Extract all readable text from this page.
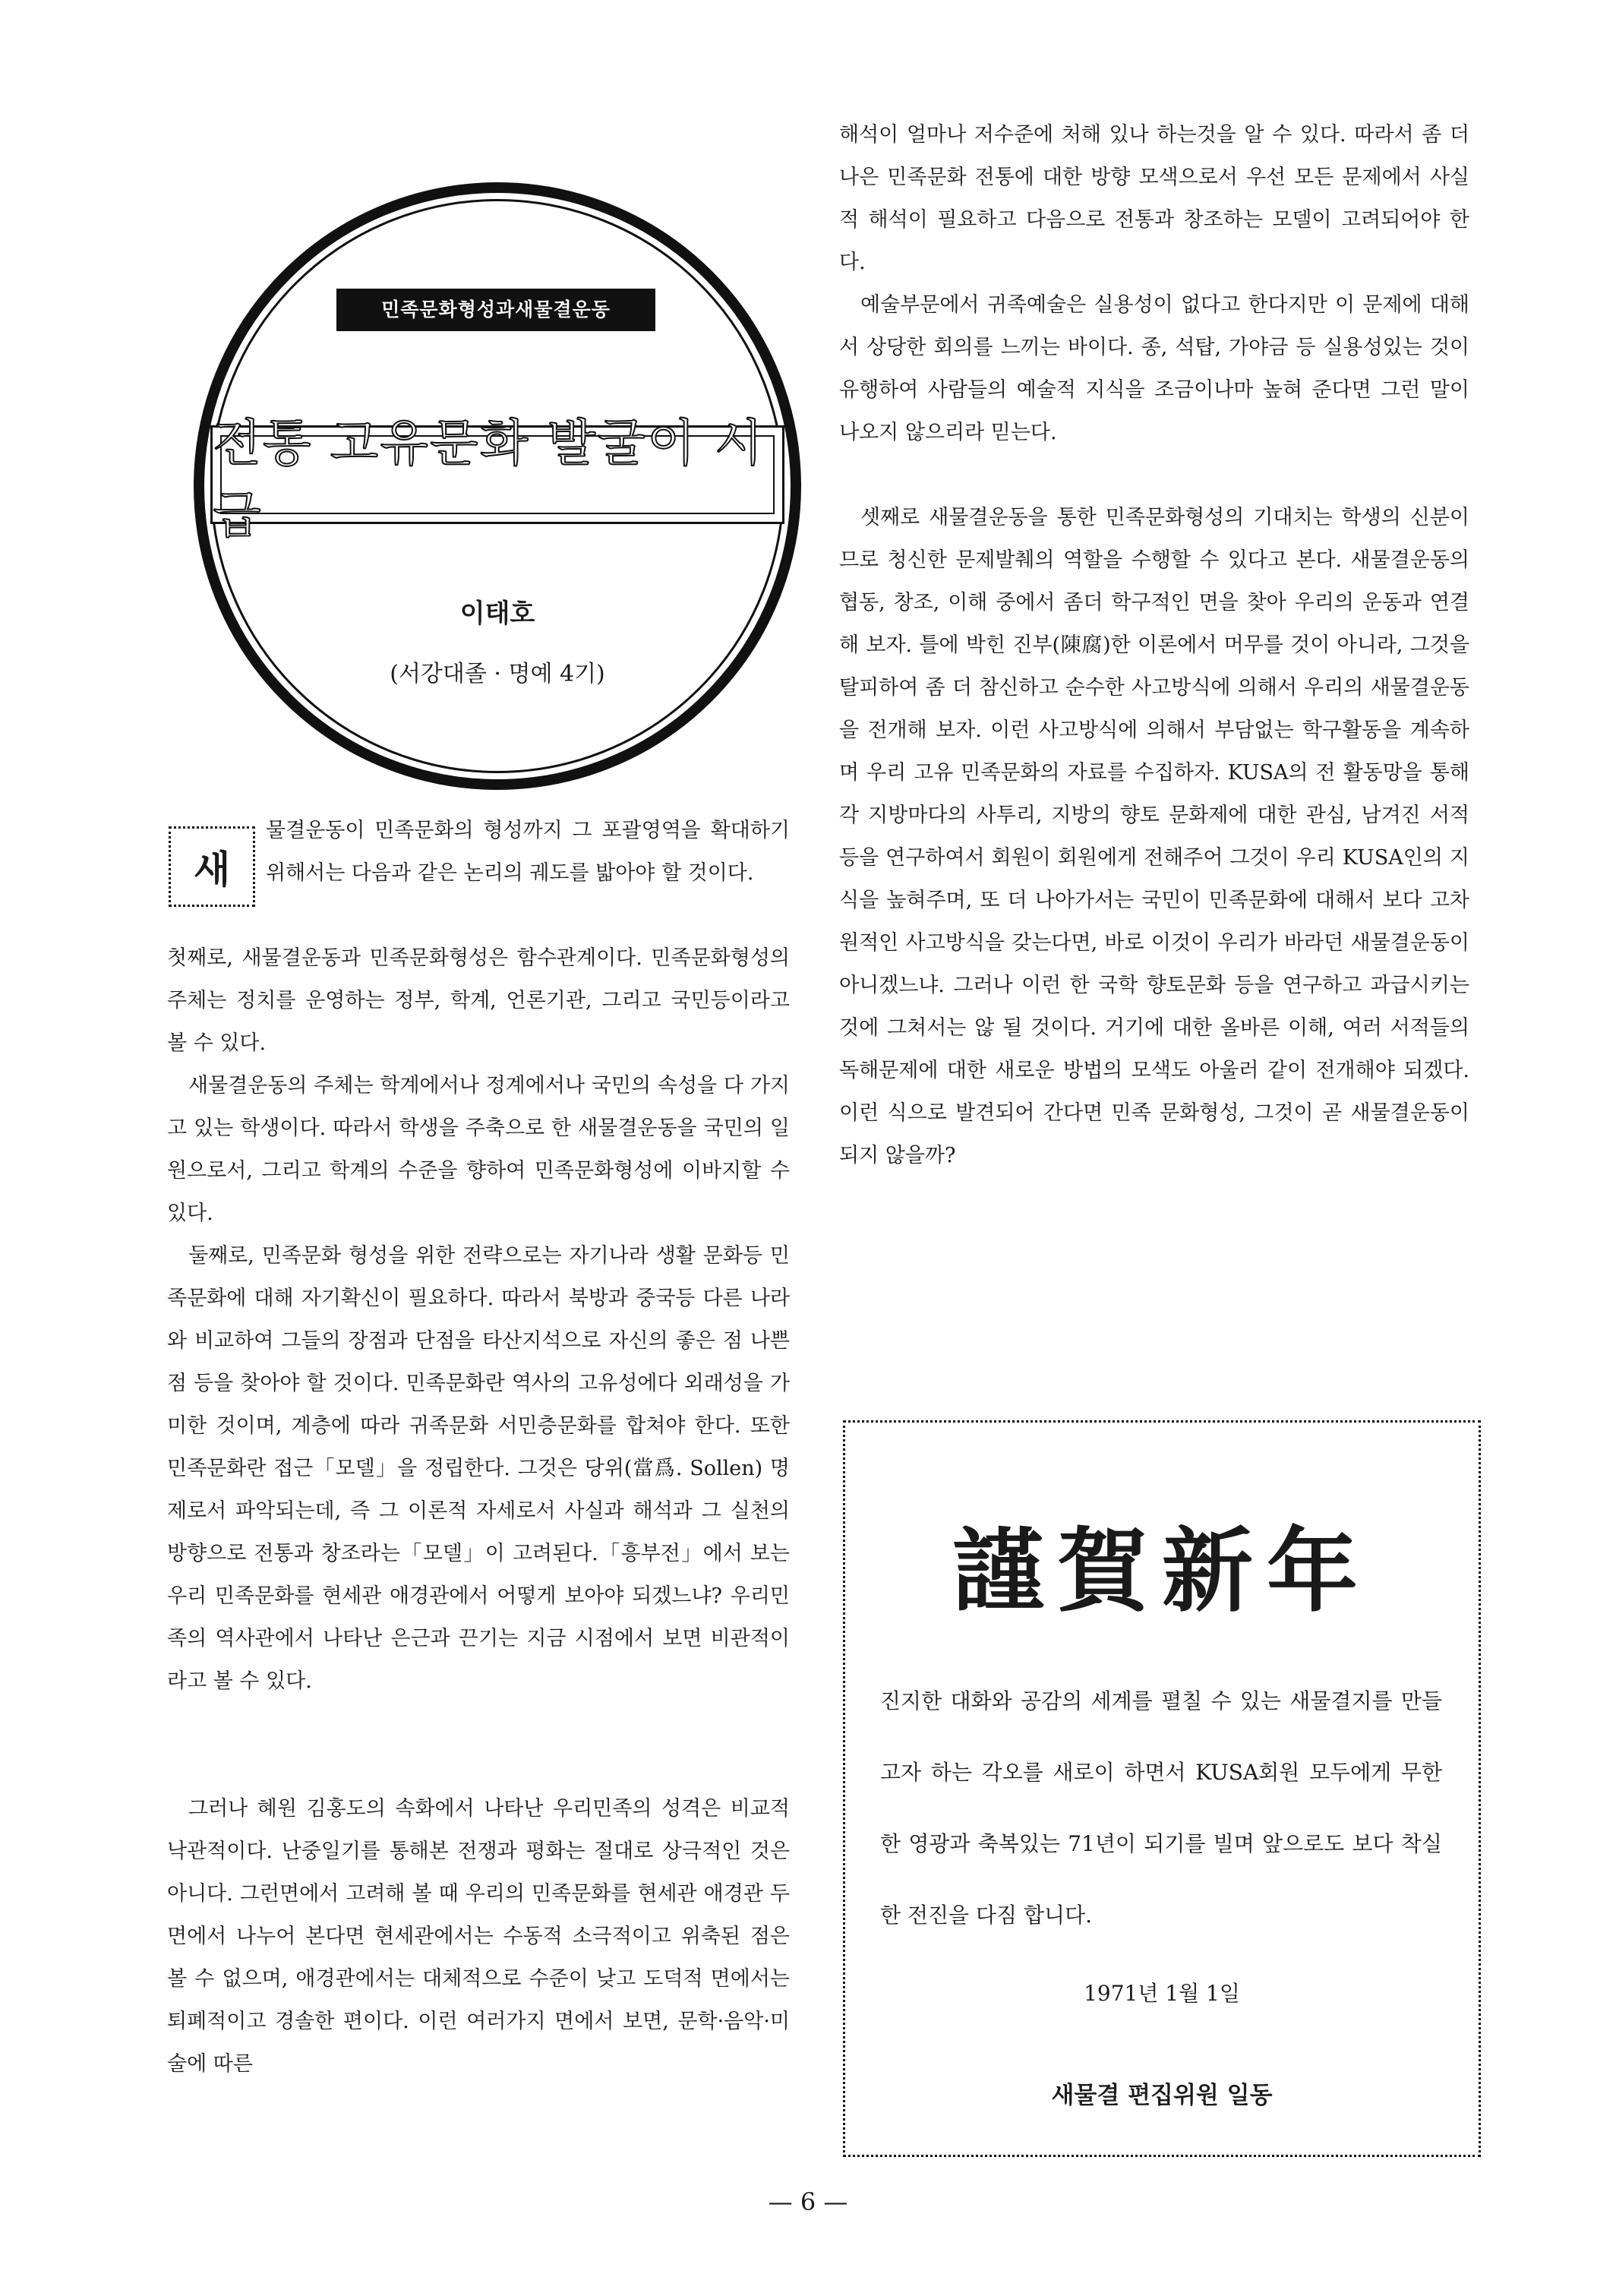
민족문화형성과새물결운동
전통 고유문화 발굴이 시급
이태호
(서강대졸 · 명예 4기)
새

물결운동이 민족문화의 형성까지 그 포괄영역을 확대하기 위해서는 다음과 같은 논리의 궤도를 밟아야 할 것이다.

첫째로, 새물결운동과 민족문화형성은 함수관계이다. 민족문화형성의 주체는 정치를 운영하는 정부, 학계, 언론기관, 그리고 국민등이라고 볼 수 있다.

새물결운동의 주체는 학계에서나 정계에서나 국민의 속성을 다 가지고 있는 학생이다. 따라서 학생을 주축으로 한 새물결운동을 국민의 일원으로서, 그리고 학계의 수준을 향하여 민족문화형성에 이바지할 수 있다.

둘째로, 민족문화 형성을 위한 전략으로는 자기나라 생활 문화등 민족문화에 대해 자기확신이 필요하다. 따라서 북방과 중국등 다른 나라와 비교하여 그들의 장점과 단점을 타산지석으로 자신의 좋은 점 나쁜 점 등을 찾아야 할 것이다. 민족문화란 역사의 고유성에다 외래성을 가미한 것이며, 계층에 따라 귀족문화 서민층문화를 합쳐야 한다. 또한 민족문화란 접근「모델」을 정립한다. 그것은 당위(當爲. Sollen) 명제로서 파악되는데, 즉 그 이론적 자세로서 사실과 해석과 그 실천의 방향으로 전통과 창조라는「모델」이 고려된다.「흥부전」에서 보는 우리 민족문화를 현세관 애경관에서 어떻게 보아야 되겠느냐? 우리민족의 역사관에서 나타난 은근과 끈기는 지금 시점에서 보면 비관적이라고 볼 수 있다.

그러나 혜원 김홍도의 속화에서 나타난 우리민족의 성격은 비교적 낙관적이다. 난중일기를 통해본 전쟁과 평화는 절대로 상극적인 것은 아니다. 그런면에서 고려해 볼 때 우리의 민족문화를 현세관 애경관 두 면에서 나누어 본다면 현세관에서는 수동적 소극적이고 위축된 점은 볼 수 없으며, 애경관에서는 대체적으로 수준이 낮고 도덕적 면에서는 퇴폐적이고 경솔한 편이다. 이런 여러가지 면에서 보면, 문학·음악·미술에 따른

해석이 얼마나 저수준에 처해 있나 하는것을 알 수 있다. 따라서 좀 더 나은 민족문화 전통에 대한 방향 모색으로서 우선 모든 문제에서 사실적 해석이 필요하고 다음으로 전통과 창조하는 모델이 고려되어야 한다.

예술부문에서 귀족예술은 실용성이 없다고 한다지만 이 문제에 대해서 상당한 회의를 느끼는 바이다. 종, 석탑, 가야금 등 실용성있는 것이 유행하여 사람들의 예술적 지식을 조금이나마 높혀 준다면 그런 말이 나오지 않으리라 믿는다.

셋째로 새물결운동을 통한 민족문화형성의 기대치는 학생의 신분이므로 청신한 문제발췌의 역할을 수행할 수 있다고 본다. 새물결운동의 협동, 창조, 이해 중에서 좀더 학구적인 면을 찾아 우리의 운동과 연결해 보자. 틀에 박힌 진부(陳腐)한 이론에서 머무를 것이 아니라, 그것을 탈피하여 좀 더 참신하고 순수한 사고방식에 의해서 우리의 새물결운동을 전개해 보자. 이런 사고방식에 의해서 부담없는 학구활동을 계속하며 우리 고유 민족문화의 자료를 수집하자. KUSA의 전 활동망을 통해 각 지방마다의 사투리, 지방의 향토 문화제에 대한 관심, 남겨진 서적 등을 연구하여서 회원이 회원에게 전해주어 그것이 우리 KUSA인의 지식을 높혀주며, 또 더 나아가서는 국민이 민족문화에 대해서 보다 고차원적인 사고방식을 갖는다면, 바로 이것이 우리가 바라던 새물결운동이 아니겠느냐. 그러나 이런 한 국학 향토문화 등을 연구하고 과급시키는 것에 그쳐서는 않 될 것이다. 거기에 대한 올바른 이해, 여러 서적들의 독해문제에 대한 새로운 방법의 모색도 아울러 같이 전개해야 되겠다. 이런 식으로 발견되어 간다면 민족 문화형성, 그것이 곧 새물결운동이 되지 않을까?

謹賀新年

진지한 대화와 공감의 세계를 펼칠 수 있는 새물결지를 만들고자 하는 각오를 새로이 하면서 KUSA회원 모두에게 무한한 영광과 축복있는 71년이 되기를 빌며 앞으로도 보다 착실한 전진을 다짐 합니다.

1971년 1월 1일
새물결 편집위원 일동
— 6 —
